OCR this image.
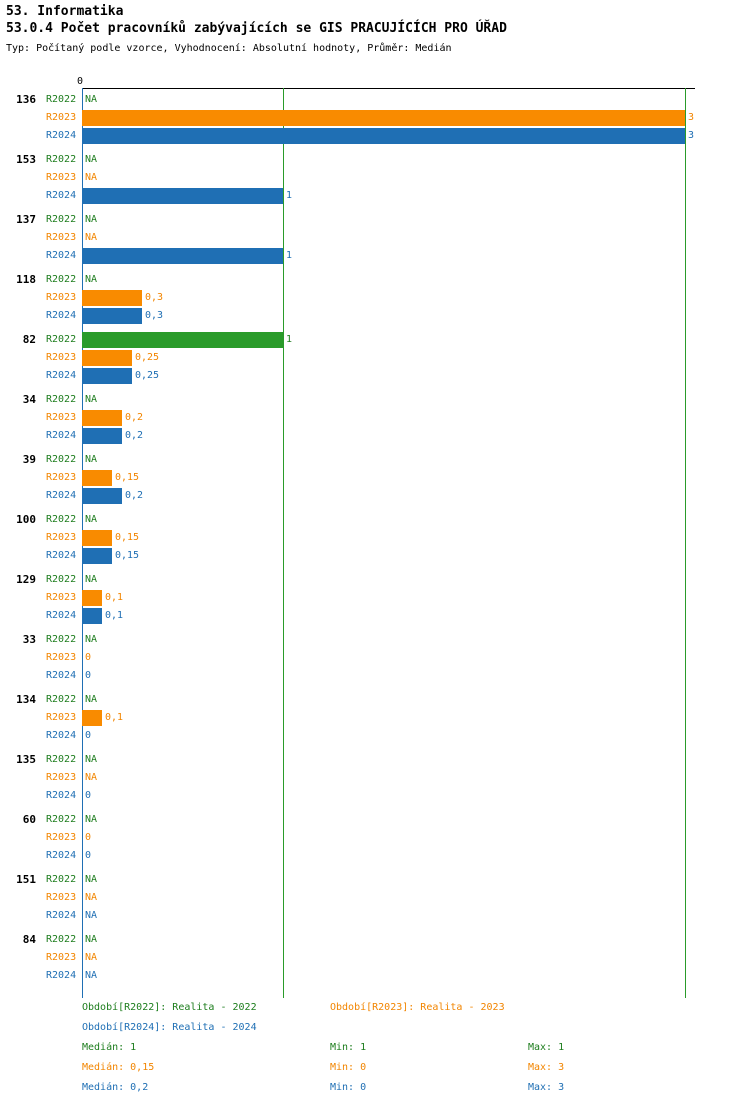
53. Informatika
53.0.4 Počet pracovníků zabývajících se GIS PRACUJÍCÍCH PRO ÚŘAD
Typ: Počítaný podle vzorce, Vyhodnocení: Absolutní hodnoty, Průměr: Medián
0
136 R2022 NA
R2023	3
R2024	3
153 R2022 NA
R2023 NA
R2024	1
137 R2022 NA
R2023 NA
R2024	1
118 R2022 NA
R2023	0,3
R2024	0,3
82 R2022	1
R2023	0,25
R2024	0,25
34 R2022 NA
R2023	0,2
R2024	0,2
39 R2022 NA
R2023	0,15
R2024	0,2
100 R2022 NA
R2023	0,15
R2024	0,15
129 R2022 NA
R2023	0,1
R2024	0,1
33 R2022 NA
R2023 0
R2024 0
134 R2022 NA
R2023	0,1
R2024 0
135 R2022 NA
R2023 NA
R2024 0
60 R2022 NA
R2023 0
R2024 0
151 R2022 NA
R2023 NA
R2024 NA
84 R2022 NA
R2023 NA
R2024 NA
Období[R2022]: Realita - 2022	Období[R2023]: Realita - 2023
Období[R2024]: Realita - 2024
Medián: 1	Min: 1	Max: 1
Medián: 0,15	Min: 0	Max: 3
Medián: 0,2	Min: 0	Max: 3
